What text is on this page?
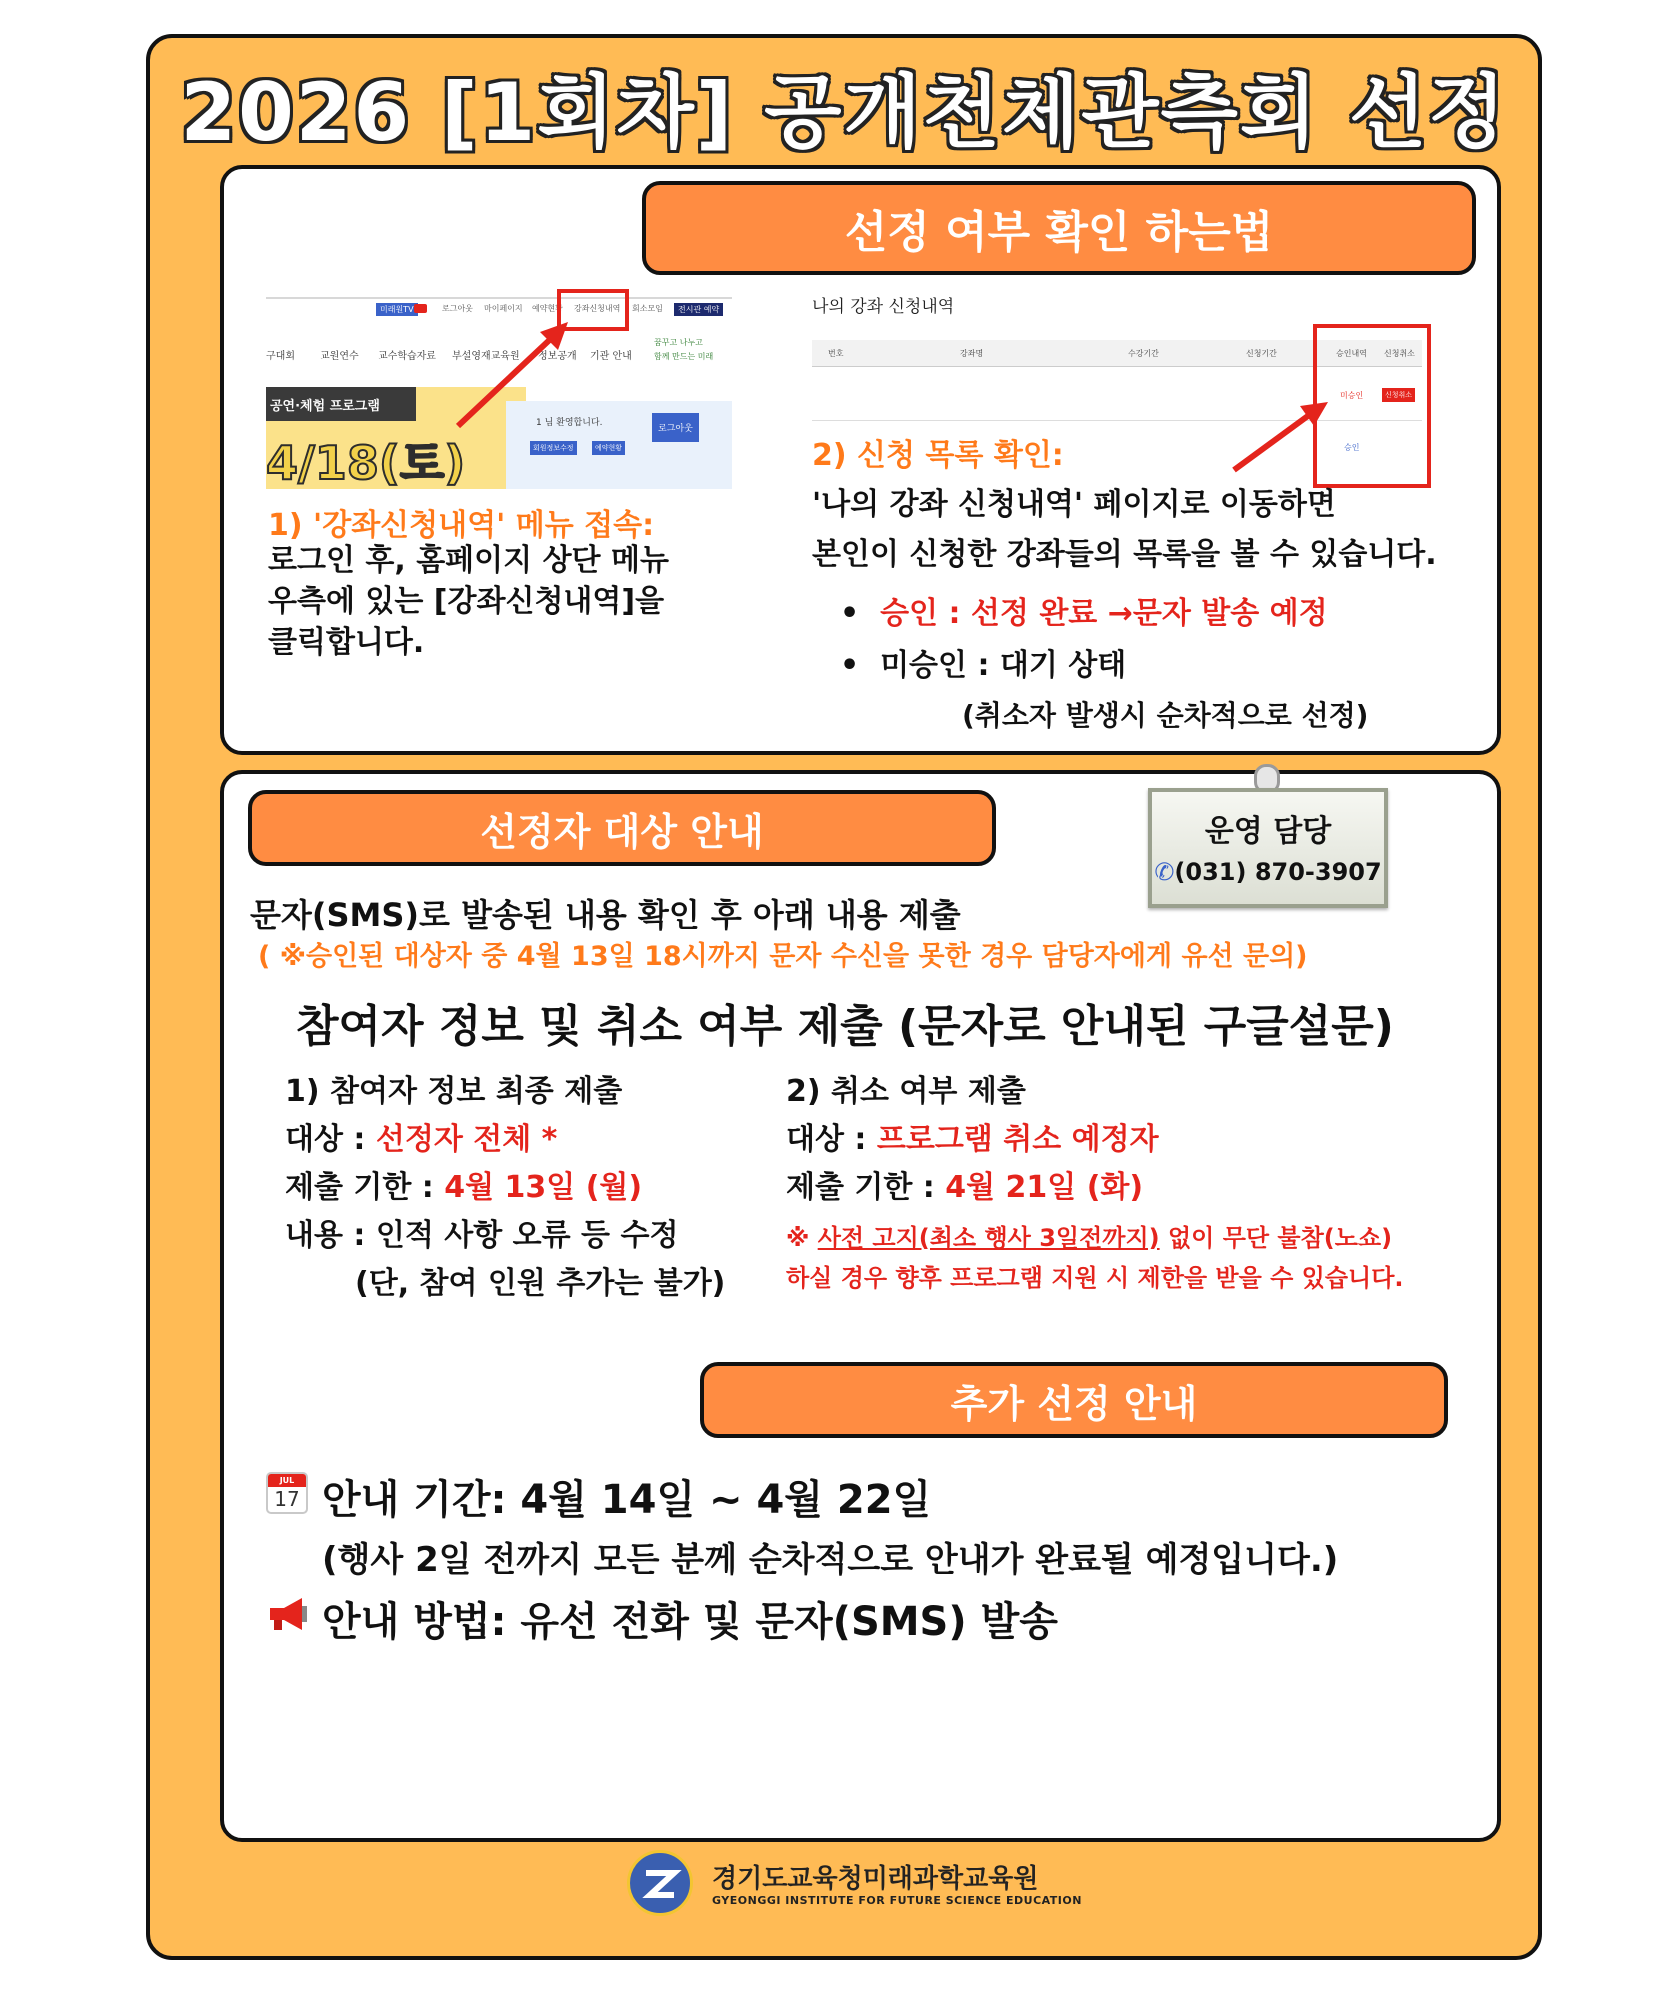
2026 [1회차] 공개천체관측회 선정
선정 여부 확인 하는법
미래원TV	로그아웃 마이페이지 예약현황 강좌신청내역 회소모임	전시관 예약
구대회	교원연수 교수학습자료 부설영재교육원 정보공개 기관 안내
꿈꾸고 나누고
함께 만드는 미래
공연·체험 프로그램
4/18(토)
1 님 환영합니다.
로그아웃
회원정보수정	예약현황
나의 강좌 신청내역
번호	강좌명	수강기간	신청기간	승인내역 신청취소
미승인	신청취소
승인
1) '강좌신청내역' 메뉴 접속:
로그인 후, 홈페이지 상단 메뉴
우측에 있는 [강좌신청내역]을
클릭합니다.
2) 신청 목록 확인:
'나의 강좌 신청내역' 페이지로 이동하면
본인이 신청한 강좌들의 목록을 볼 수 있습니다.
•  승인 : 선정 완료 →문자 발송 예정
•  미승인 : 대기 상태
(취소자 발생시 순차적으로 선정)
선정자 대상 안내	운영 담당
✆(031) 870-3907
문자(SMS)로 발송된 내용 확인 후 아래 내용 제출
( ※승인된 대상자 중 4월 13일 18시까지 문자 수신을 못한 경우 담당자에게 유선 문의)
참여자 정보 및 취소 여부 제출 (문자로 안내된 구글설문)
1) 참여자 정보 최종 제출
대상 : 선정자 전체 *
제출 기한 : 4월 13일 (월)
내용 : 인적 사항 오류 등 수정
(단, 참여 인원 추가는 불가)
2) 취소 여부 제출
대상 : 프로그램 취소 예정자
제출 기한 : 4월 21일 (화)
※ 사전 고지(최소 행사 3일전까지) 없이 무단 불참(노쇼)
하실 경우 향후 프로그램 지원 시 제한을 받을 수 있습니다.
추가 선정 안내
JUL
17 안내 기간: 4월 14일 ~ 4월 22일
(행사 2일 전까지 모든 분께 순차적으로 안내가 완료될 예정입니다.)
안내 방법: 유선 전화 및 문자(SMS) 발송
경기도교육청미래과학교육원
GYEONGGI INSTITUTE FOR FUTURE SCIENCE EDUCATION
